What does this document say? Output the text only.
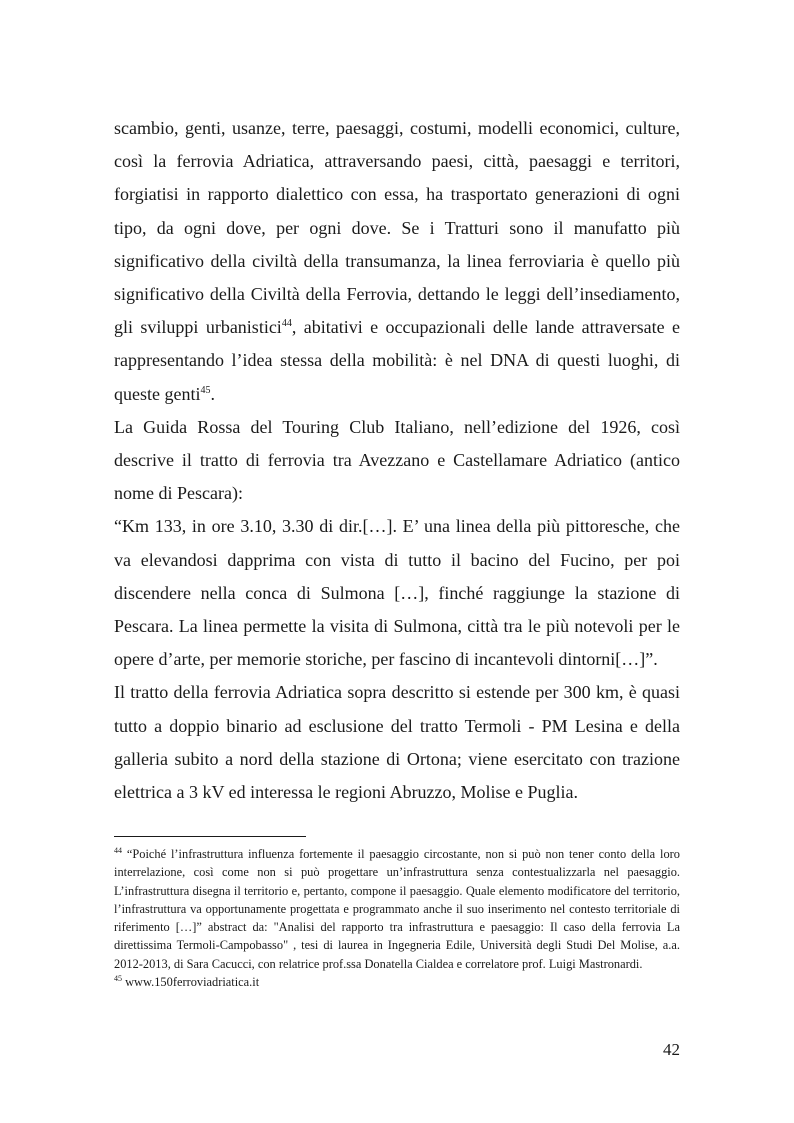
scambio, genti, usanze, terre, paesaggi, costumi, modelli economici, culture, così la ferrovia Adriatica, attraversando paesi, città, paesaggi e territori, forgiatisi in rapporto dialettico con essa, ha trasportato generazioni di ogni tipo, da ogni dove, per ogni dove. Se i Tratturi sono il manufatto più significativo della civiltà della transumanza, la linea ferroviaria è quello più significativo della Civiltà della Ferrovia, dettando le leggi dell’insediamento, gli sviluppi urbanistici$^{44}$, abitativi e occupazionali delle lande attraversate e rappresentando l’idea stessa della mobilità: è nel DNA di questi luoghi, di queste genti$^{45}$.

La Guida Rossa del Touring Club Italiano, nell’edizione del 1926, così descrive il tratto di ferrovia tra Avezzano e Castellamare Adriatico (antico nome di Pescara):

“Km 133, in ore 3.10, 3.30 di dir.[…]. E’ una linea della più pittoresche, che va elevandosi dapprima con vista di tutto il bacino del Fucino, per poi discendere nella conca di Sulmona […], finché raggiunge la stazione di Pescara. La linea permette la visita di Sulmona, città tra le più notevoli per le opere d’arte, per memorie storiche, per fascino di incantevoli dintorni[…]”.

Il tratto della ferrovia Adriatica sopra descritto si estende per 300 km, è quasi tutto a doppio binario ad esclusione del tratto Termoli - PM Lesina e della galleria subito a nord della stazione di Ortona; viene esercitato con trazione elettrica a 3 kV ed interessa le regioni Abruzzo, Molise e Puglia.

$^{44}$ “Poiché l’infrastruttura influenza fortemente il paesaggio circostante, non si può non tener conto della loro interrelazione, così come non si può progettare un’infrastruttura senza contestualizzarla nel paesaggio. L’infrastruttura disegna il territorio e, pertanto, compone il paesaggio. Quale elemento modificatore del territorio, l’infrastruttura va opportunamente progettata e programmato anche il suo inserimento nel contesto territoriale di riferimento […]” abstract da: "Analisi del rapporto tra infrastruttura e paesaggio: Il caso della ferrovia La direttissima Termoli-Campobasso" , tesi di laurea in Ingegneria Edile, Università degli Studi Del Molise, a.a. 2012-2013, di Sara Cacucci, con relatrice prof.ssa Donatella Cialdea e correlatore prof. Luigi Mastronardi.

$^{45}$ www.150ferroviadriatica.it

42
